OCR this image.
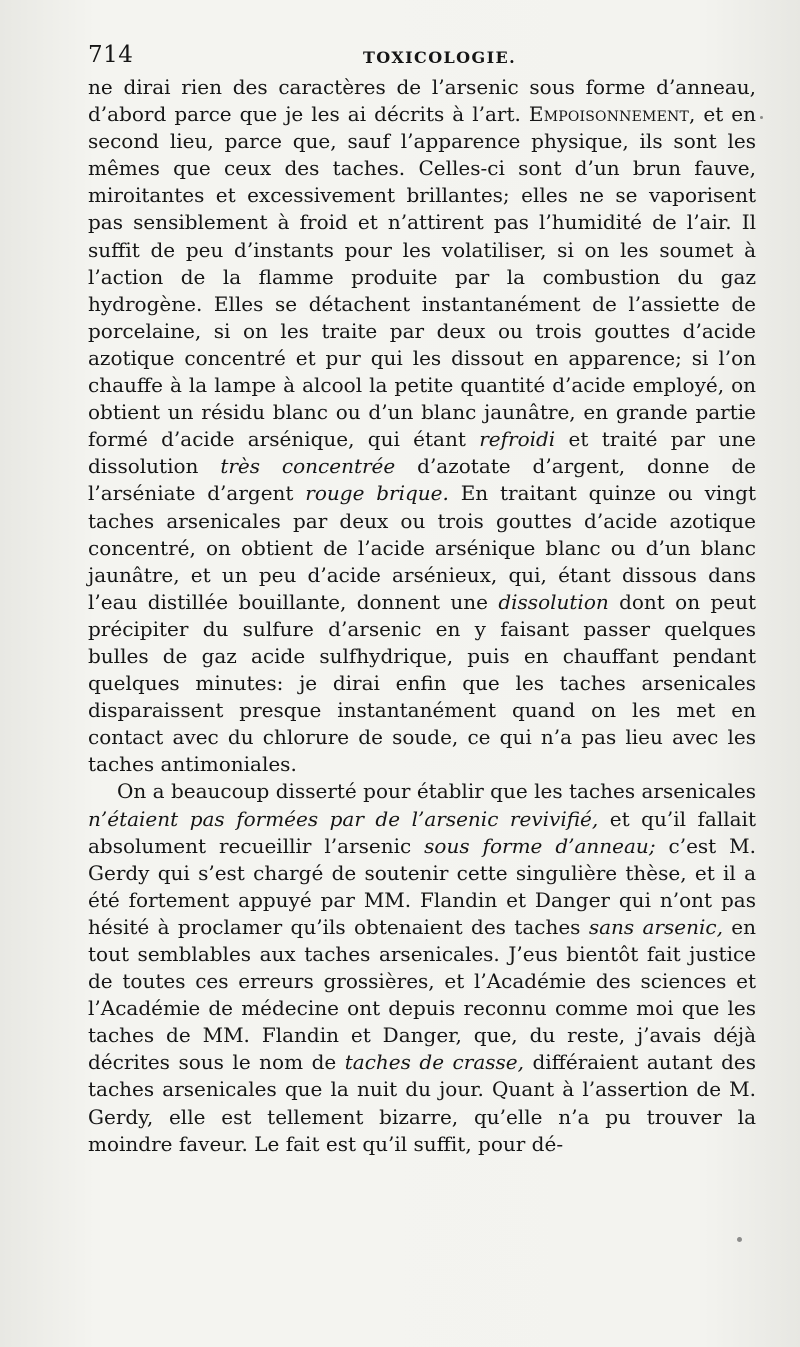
714	TOXICOLOGIE.

ne dirai rien des caractères de l’arsenic sous forme d’anneau, d’abord parce que je les ai décrits à l’art. Empoisonnement, et en second lieu, parce que, sauf l’apparence physique, ils sont les mêmes que ceux des taches. Celles-ci sont d’un brun fauve, miroitantes et excessivement brillantes; elles ne se vaporisent pas sensiblement à froid et n’attirent pas l’humidité de l’air. Il suffit de peu d’instants pour les volatiliser, si on les soumet à l’action de la flamme produite par la combustion du gaz hydrogène. Elles se détachent instantanément de l’assiette de porcelaine, si on les traite par deux ou trois gouttes d’acide azotique concentré et pur qui les dissout en apparence; si l’on chauffe à la lampe à alcool la petite quantité d’acide employé, on obtient un résidu blanc ou d’un blanc jaunâtre, en grande partie formé d’acide arsénique, qui étant refroidi et traité par une dissolution très concentrée d’azotate d’argent, donne de l’arséniate d’argent rouge brique. En traitant quinze ou vingt taches arsenicales par deux ou trois gouttes d’acide azotique concentré, on obtient de l’acide arsénique blanc ou d’un blanc jaunâtre, et un peu d’acide arsénieux, qui, étant dissous dans l’eau distillée bouillante, donnent une dissolution dont on peut précipiter du sulfure d’arsenic en y faisant passer quelques bulles de gaz acide sulfhydrique, puis en chauffant pendant quelques minutes: je dirai enfin que les taches arsenicales disparaissent presque instantanément quand on les met en contact avec du chlorure de soude, ce qui n’a pas lieu avec les taches antimoniales.

On a beaucoup disserté pour établir que les taches arsenicales n’étaient pas formées par de l’arsenic revivifié, et qu’il fallait absolument recueillir l’arsenic sous forme d’anneau; c’est M. Gerdy qui s’est chargé de soutenir cette singulière thèse, et il a été fortement appuyé par MM. Flandin et Danger qui n’ont pas hésité à proclamer qu’ils obtenaient des taches sans arsenic, en tout semblables aux taches arsenicales. J’eus bientôt fait justice de toutes ces erreurs grossières, et l’Académie des sciences et l’Académie de médecine ont depuis reconnu comme moi que les taches de MM. Flandin et Danger, que, du reste, j’avais déjà décrites sous le nom de taches de crasse, différaient autant des taches arsenicales que la nuit du jour. Quant à l’assertion de M. Gerdy, elle est tellement bizarre, qu’elle n’a pu trouver la moindre faveur. Le fait est qu’il suffit, pour dé-
